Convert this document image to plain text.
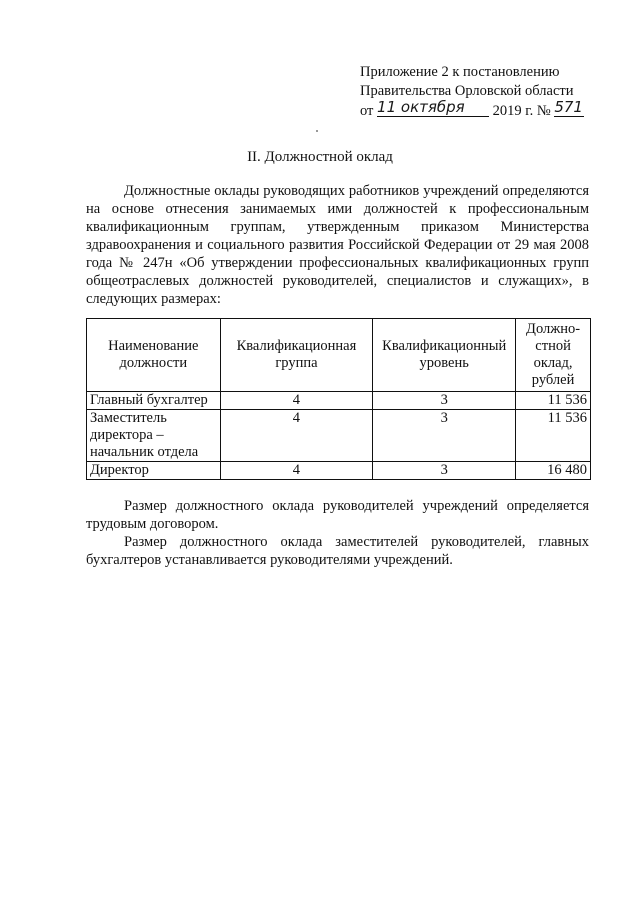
Приложение 2 к постановлению
Правительства Орловской области
от 11 октября 2019 г. № 571
II. Должностной оклад

Должностные оклады руководящих работников учреждений определяются на основе отнесения занимаемых ими должностей к профессиональным квалификационным группам, утвержденным приказом Министерства здравоохранения и социального развития Российской Федерации от 29 мая 2008 года № 247н «Об утверждении профессиональных квалификационных групп общеотраслевых должностей руководителей, специалистов и служащих», в следующих размерах:

Наименование должности	Квалификационная группа	Квалификационный уровень	Должно- стной оклад, рублей
Главный бухгалтер	4	3	11 536
Заместитель директора – начальник отдела	4	3	11 536
Директор	4	3	16 480

Размер должностного оклада руководителей учреждений определяется трудовым договором.

Размер должностного оклада заместителей руководителей, главных бухгалтеров устанавливается руководителями учреждений.
